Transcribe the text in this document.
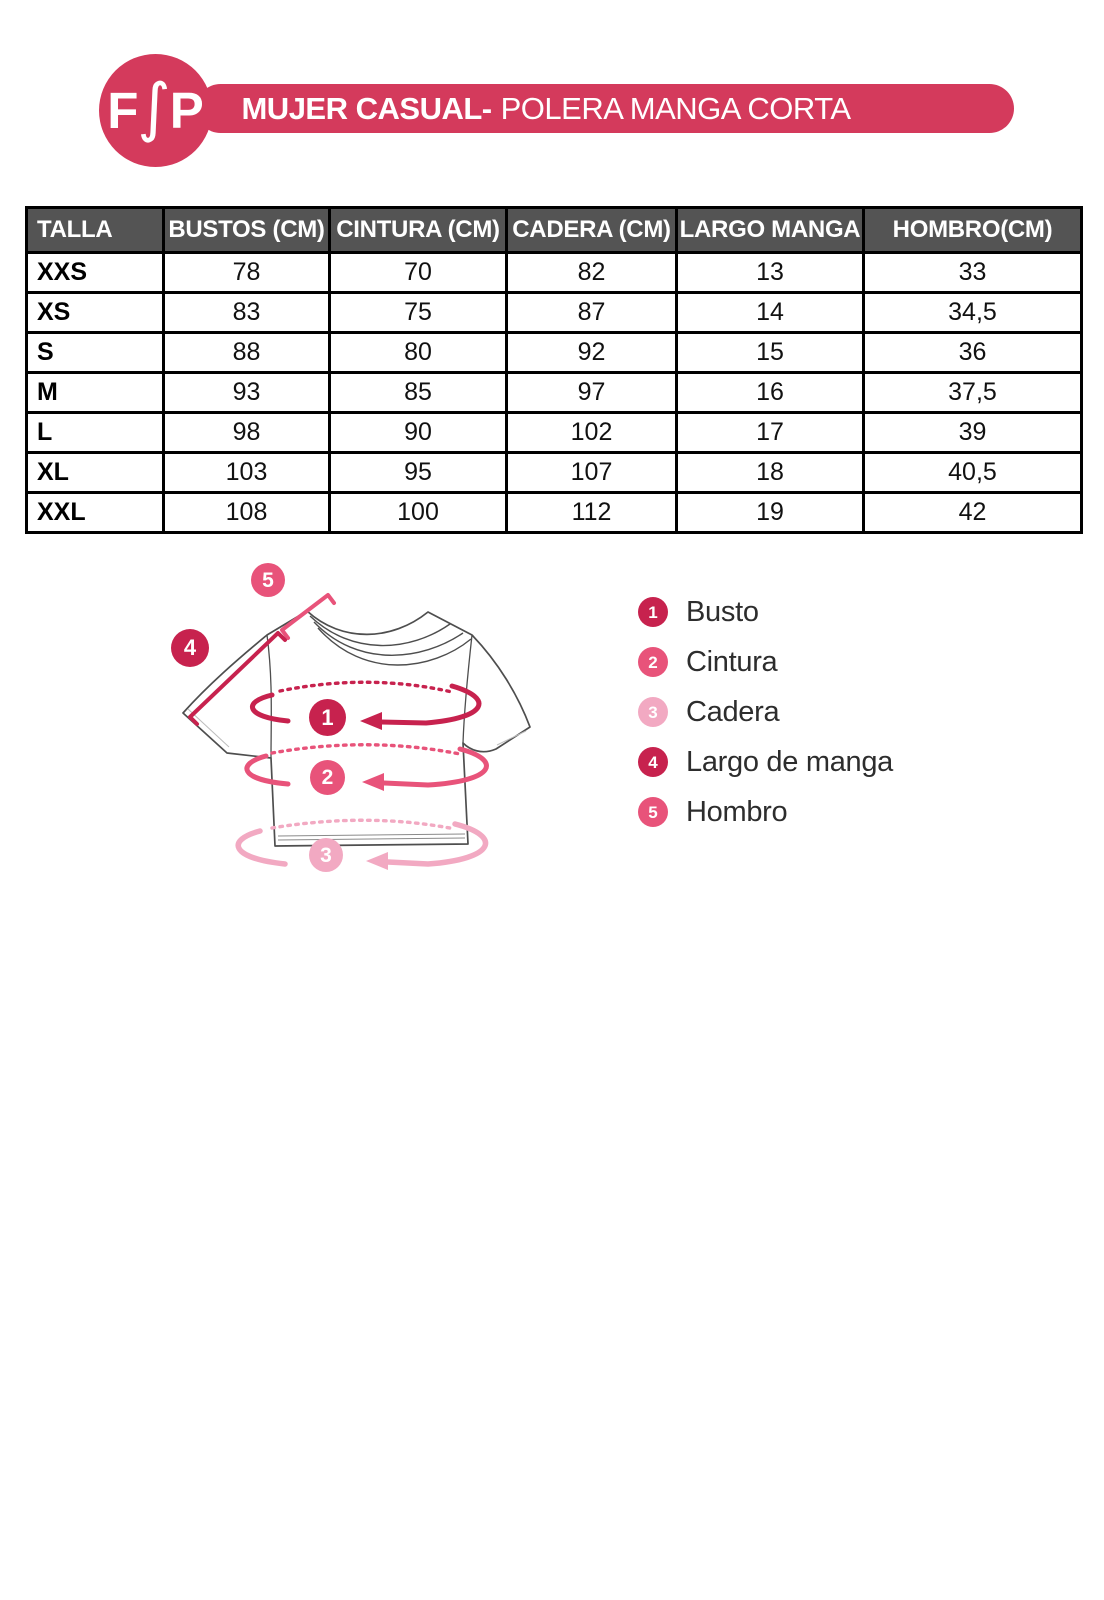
MUJER CASUAL- POLERA MANGA CORTA
F ∫ P
TALLA	BUSTOS (CM)	CINTURA (CM)	CADERA (CM)	LARGO MANGA	HOMBRO(CM)
XXS	78	70	82	13	33
XS	83	75	87	14	34,5
S	88	80	92	15	36
M	93	85	97	16	37,5
L	98	90	102	17	39
XL	103	95	107	18	40,5
XXL	108	100	112	19	42
1
2
3
4
5
1 Busto
2 Cintura
3 Cadera
4 Largo de manga
5 Hombro
